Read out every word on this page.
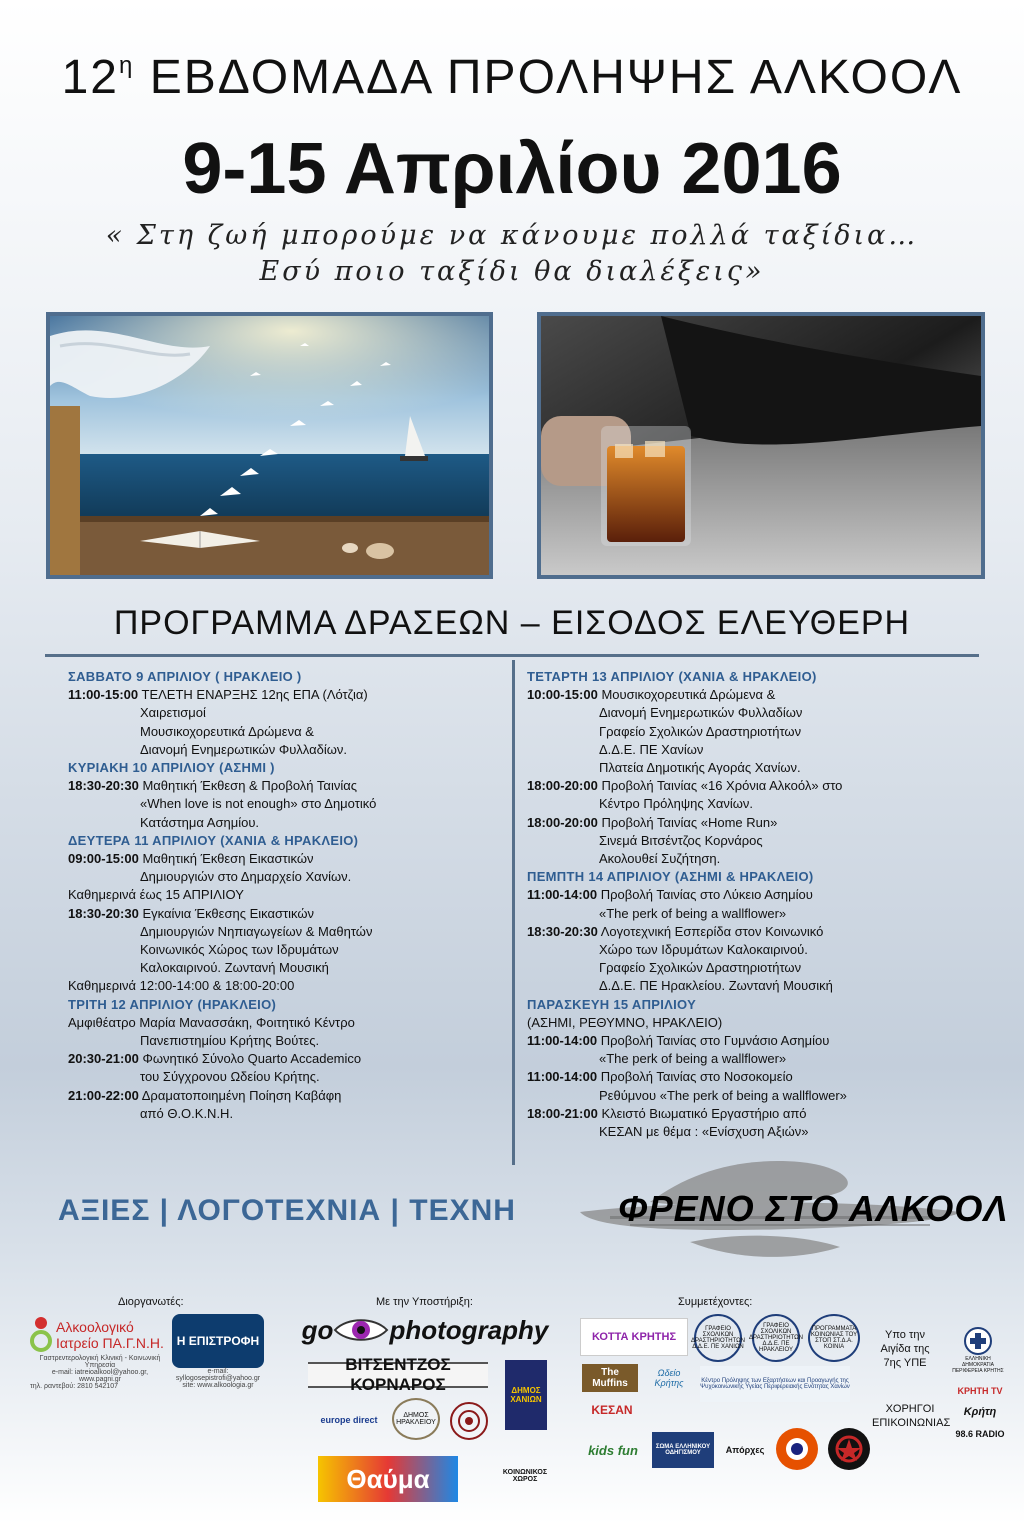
$12^\eta$ ΕΒΔΟΜΑΔΑ ΠΡΟΛΗΨΗΣ ΑΛΚΟΟΛ
9-15 Απριλίου 2016
« Στη ζωή μπορούμε να κάνουμε πολλά ταξίδια…
Εσύ ποιο ταξίδι θα διαλέξεις»
ΠΡΟΓΡΑΜΜΑ ΔΡΑΣΕΩΝ – ΕΙΣΟΔΟΣ ΕΛΕΥΘΕΡΗ
ΣΑΒΒΑΤΟ 9 ΑΠΡΙΛΙΟΥ ( ΗΡΑΚΛΕΙΟ )
11:00-15:00 ΤΕΛΕΤΗ ΕΝΑΡΞΗΣ 12ης ΕΠΑ (Λότζια)
Χαιρετισμοί
Μουσικοχορευτικά Δρώμενα &
Διανομή Ενημερωτικών Φυλλαδίων.
ΚΥΡΙΑΚΗ 10 ΑΠΡΙΛΙΟΥ (ΑΣΗΜΙ )
18:30-20:30 Μαθητική Έκθεση & Προβολή Ταινίας
«When love is not enough» στο Δημοτικό
Κατάστημα Ασημίου.
ΔΕΥΤΕΡΑ 11 ΑΠΡΙΛΙΟΥ (ΧΑΝΙΑ & ΗΡΑΚΛΕΙΟ)
09:00-15:00 Μαθητική Έκθεση Εικαστικών
Δημιουργιών στο Δημαρχείο Χανίων.
Καθημερινά έως 15 ΑΠΡΙΛΙΟΥ
18:30-20:30 Εγκαίνια Έκθεσης Εικαστικών
Δημιουργιών Νηπιαγωγείων & Μαθητών
Κοινωνικός Χώρος των Ιδρυμάτων
Καλοκαιρινού. Ζωντανή Μουσική
Καθημερινά 12:00-14:00 & 18:00-20:00
ΤΡΙΤΗ 12 ΑΠΡΙΛΙΟΥ (ΗΡΑΚΛΕΙΟ)
Αμφιθέατρο Μαρία Μανασσάκη, Φοιτητικό Κέντρο
Πανεπιστημίου Κρήτης Βούτες.
20:30-21:00 Φωνητικό Σύνολο Quarto Accademico
του Σύγχρονου Ωδείου Κρήτης.
21:00-22:00 Δραματοποιημένη Ποίηση Καβάφη
από Θ.Ο.Κ.Ν.Η.
ΤΕΤΑΡΤΗ 13 ΑΠΡΙΛΙΟΥ (ΧΑΝΙΑ & ΗΡΑΚΛΕΙΟ)
10:00-15:00 Μουσικοχορευτικά Δρώμενα &
Διανομή Ενημερωτικών Φυλλαδίων
Γραφείο Σχολικών Δραστηριοτήτων
Δ.Δ.Ε. ΠΕ Χανίων
Πλατεία Δημοτικής Αγοράς Χανίων.
18:00-20:00 Προβολή Ταινίας «16 Χρόνια Αλκοόλ» στο
Κέντρο Πρόληψης Χανίων.
18:00-20:00 Προβολή Ταινίας «Home Run»
Σινεμά Βιτσέντζος Κορνάρος
Ακολουθεί Συζήτηση.
ΠΕΜΠΤΗ 14 ΑΠΡΙΛΙΟΥ (ΑΣΗΜΙ & ΗΡΑΚΛΕΙΟ)
11:00-14:00 Προβολή Ταινίας στο Λύκειο Ασημίου
«The perk of being a wallflower»
18:30-20:30 Λογοτεχνική Εσπερίδα στον Κοινωνικό
Χώρο των Ιδρυμάτων Καλοκαιρινού.
Γραφείο Σχολικών Δραστηριοτήτων
Δ.Δ.Ε. ΠΕ Ηρακλείου. Ζωντανή Μουσική
ΠΑΡΑΣΚΕΥΗ 15 ΑΠΡΙΛΙΟΥ
(ΑΣΗΜΙ, ΡΕΘΥΜΝΟ, ΗΡΑΚΛΕΙΟ)
11:00-14:00 Προβολή Ταινίας στο Γυμνάσιο Ασημίου
«The perk of being a wallflower»
11:00-14:00 Προβολή Ταινίας στο Νοσοκομείο
Ρεθύμνου «The perk of being a wallflower»
18:00-21:00 Κλειστό Βιωματικό Εργαστήριο από
ΚΕΣΑΝ με θέμα : «Ενίσχυση Αξιών»
ΑΞΙΕΣ | ΛΟΓΟΤΕΧΝΙΑ | ΤΕΧΝΗ	ΦΡΕΝΟ ΣΤΟ ΑΛΚΟΟΛ
Διοργανωτές:	Με την Υποστήριξη:	Συμμετέχοντες:
Υπο την Αιγίδα της 7ης ΥΠΕ
ΧΟΡΗΓΟΙ ΕΠΙΚΟΙΝΩΝΙΑΣ
Αλκοολογικό
Ιατρείο ΠΑ.Γ.Ν.Η.
Γαστρεντερολογική Κλινική - Κοινωνική Υπηρεσία
e-mail: iatreioalkool@yahoo.gr, www.pagni.gr
τηλ. ραντεβού: 2810 542107
Η ΕΠΙΣΤΡΟΦΗ
e-mail: syllogosepistrofi@yahoo.gr
site: www.alkoologia.gr
go photography
ΒΙΤΣΕΝΤΖΟΣ ΚΟΡΝΑΡΟΣ	ΔΗΜΟΣ ΧΑΝΙΩΝ
europe direct	ΔΗΜΟΣ ΗΡΑΚΛΕΙΟΥ
Θαύμα	ΚΟΙΝΩΝΙΚΟΣ ΧΩΡΟΣ
ΚΟΤΤΑ ΚΡΗΤΗΣ
ΓΡΑΦΕΙΟ ΣΧΟΛΙΚΩΝ ΔΡΑΣΤΗΡΙΟΤΗΤΩΝ Δ.Δ.Ε. ΠΕ ΧΑΝΙΩΝ
ΓΡΑΦΕΙΟ ΣΧΟΛΙΚΩΝ ΔΡΑΣΤΗΡΙΟΤΗΤΩΝ Δ.Δ.Ε. ΠΕ ΗΡΑΚΛΕΙΟΥ
ΠΡΟΓΡΑΜΜΑΤΑ ΚΟΙΝΩΝΙΑΣ ΤΟΥ ΣΤΟΠ ΣΤ.Δ.Α. ΚΟΙΝΙΑ
The Muffins
Ωδείο Κρήτης	Κέντρο Πρόληψης των Εξαρτήσεων και Προαγωγής της Ψυχοκοινωνικής Υγείας Περιφερειακής Ενότητας Χανίων
ΚΕΣΑΝ
kids fun	ΣΩΜΑ ΕΛΛΗΝΙΚΟΥ ΟΔΗΓΙΣΜΟΥ	Απόρχες
ΕΛΛΗΝΙΚΗ ΔΗΜΟΚΡΑΤΙΑ ΠΕΡΙΦΕΡΕΙΑ ΚΡΗΤΗΣ
ΚΡΗΤΗ TV
Κρήτη
98.6 RADIO
